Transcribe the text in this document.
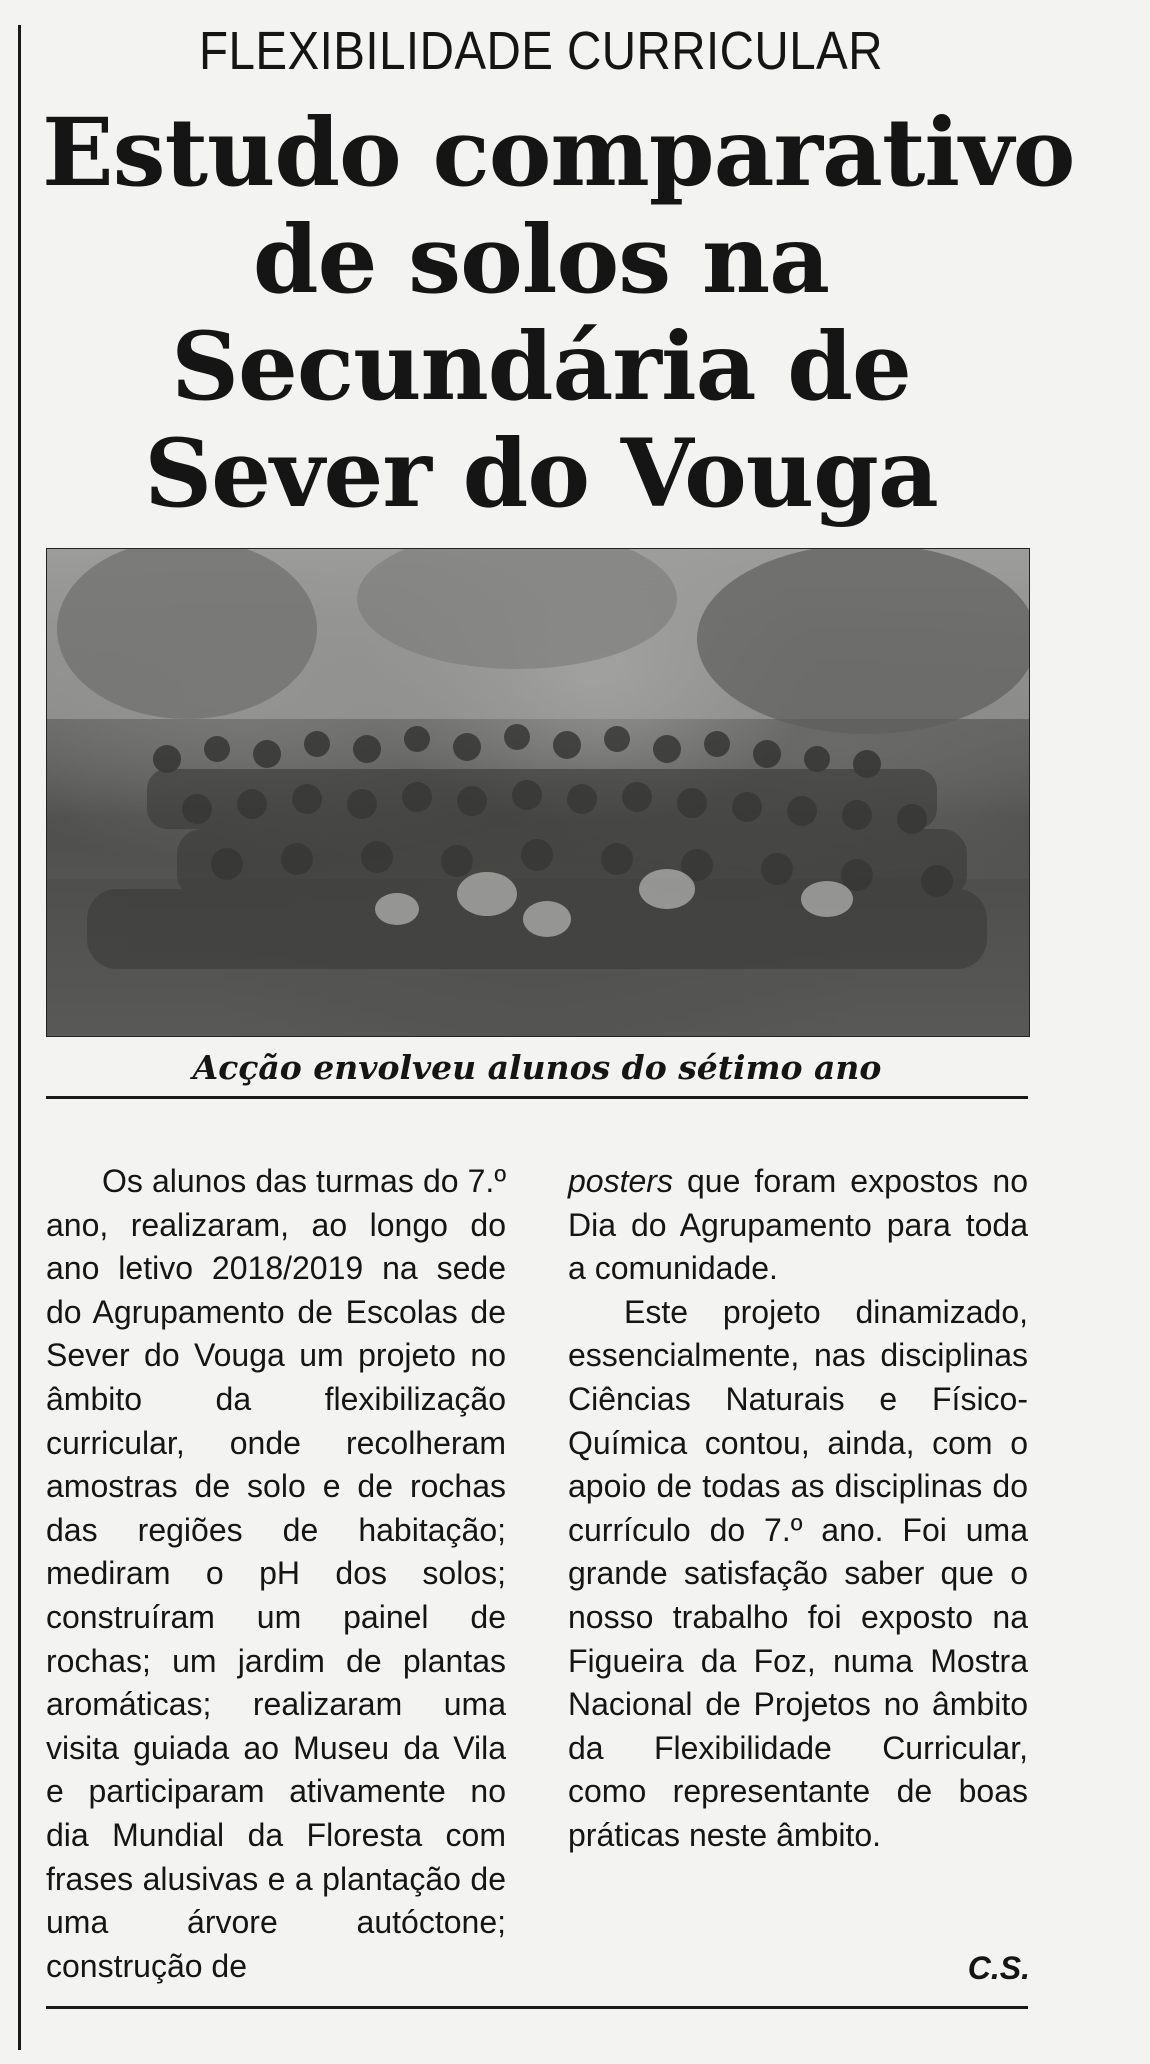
FLEXIBILIDADE CURRICULAR
Estudo comparativo
de solos na
Secundária de
Sever do Vouga
Acção envolveu alunos do sétimo ano

Os alunos das turmas do 7.º ano, realizaram, ao longo do ano letivo 2018/2019 na sede do Agrupamento de Escolas de Sever do Vouga um projeto no âmbito da flexibilização curricular, onde recolheram amostras de solo e de rochas das regiões de habitação; mediram o pH dos solos; construíram um painel de rochas; um jardim de plantas aromáticas; realizaram uma visita guiada ao Museu da Vila e participaram ativamente no dia Mundial da Floresta com frases alusivas e a plantação de uma árvore autóctone; construção de

posters que foram expostos no Dia do Agrupamento para toda a comunidade.

Este projeto dinamizado, essencialmente, nas disciplinas Ciências Naturais e Físico-Química contou, ainda, com o apoio de todas as disciplinas do currículo do 7.º ano. Foi uma grande satisfação saber que o nosso trabalho foi exposto na Figueira da Foz, numa Mostra Nacional de Projetos no âmbito da Flexibilidade Curricular, como representante de boas práticas neste âmbito.

C.S.
